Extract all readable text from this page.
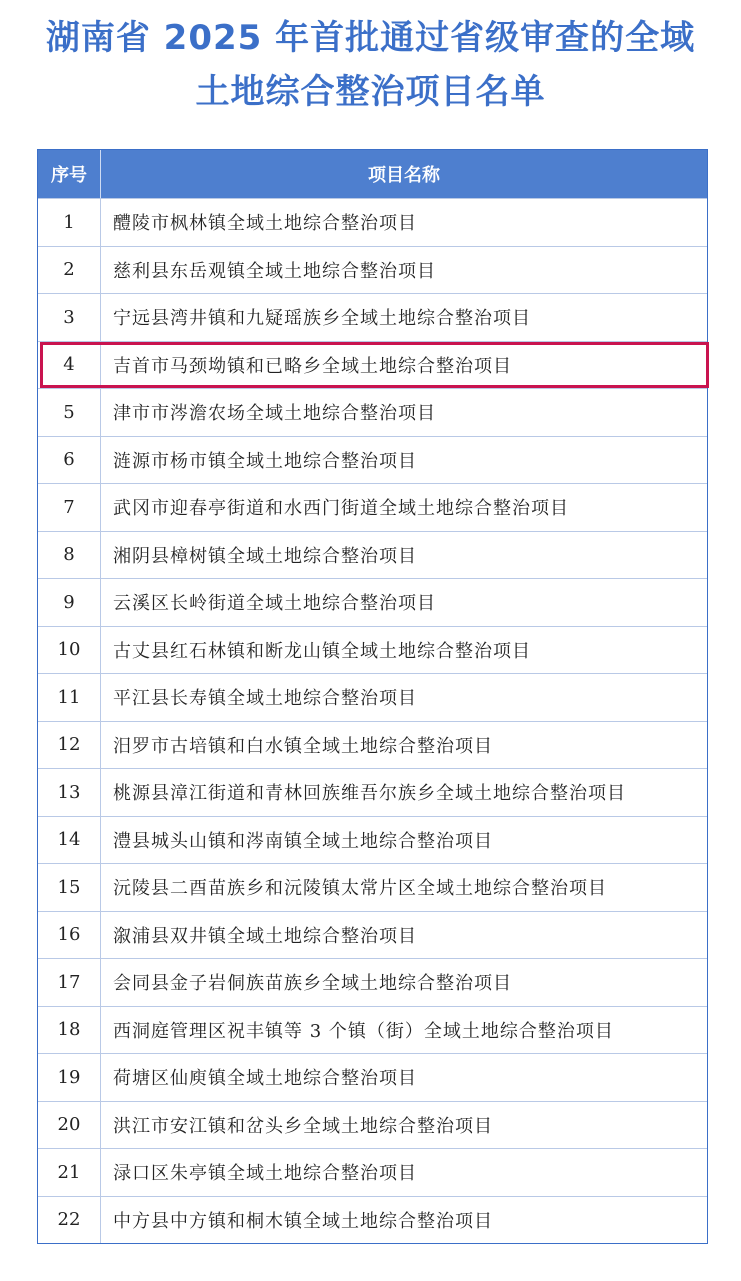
湖南省 2025 年首批通过省级审查的全域
土地综合整治项目名单
序号	项目名称
1	醴陵市枫林镇全域土地综合整治项目
2	慈利县东岳观镇全域土地综合整治项目
3	宁远县湾井镇和九疑瑶族乡全域土地综合整治项目
4	吉首市马颈坳镇和已略乡全域土地综合整治项目
5	津市市涔澹农场全域土地综合整治项目
6	涟源市杨市镇全域土地综合整治项目
7	武冈市迎春亭街道和水西门街道全域土地综合整治项目
8	湘阴县樟树镇全域土地综合整治项目
9	云溪区长岭街道全域土地综合整治项目
10	古丈县红石林镇和断龙山镇全域土地综合整治项目
11	平江县长寿镇全域土地综合整治项目
12	汨罗市古培镇和白水镇全域土地综合整治项目
13	桃源县漳江街道和青林回族维吾尔族乡全域土地综合整治项目
14	澧县城头山镇和涔南镇全域土地综合整治项目
15	沅陵县二酉苗族乡和沅陵镇太常片区全域土地综合整治项目
16	溆浦县双井镇全域土地综合整治项目
17	会同县金子岩侗族苗族乡全域土地综合整治项目
18	西洞庭管理区祝丰镇等 3 个镇（街）全域土地综合整治项目
19	荷塘区仙庾镇全域土地综合整治项目
20	洪江市安江镇和岔头乡全域土地综合整治项目
21	渌口区朱亭镇全域土地综合整治项目
22	中方县中方镇和桐木镇全域土地综合整治项目
